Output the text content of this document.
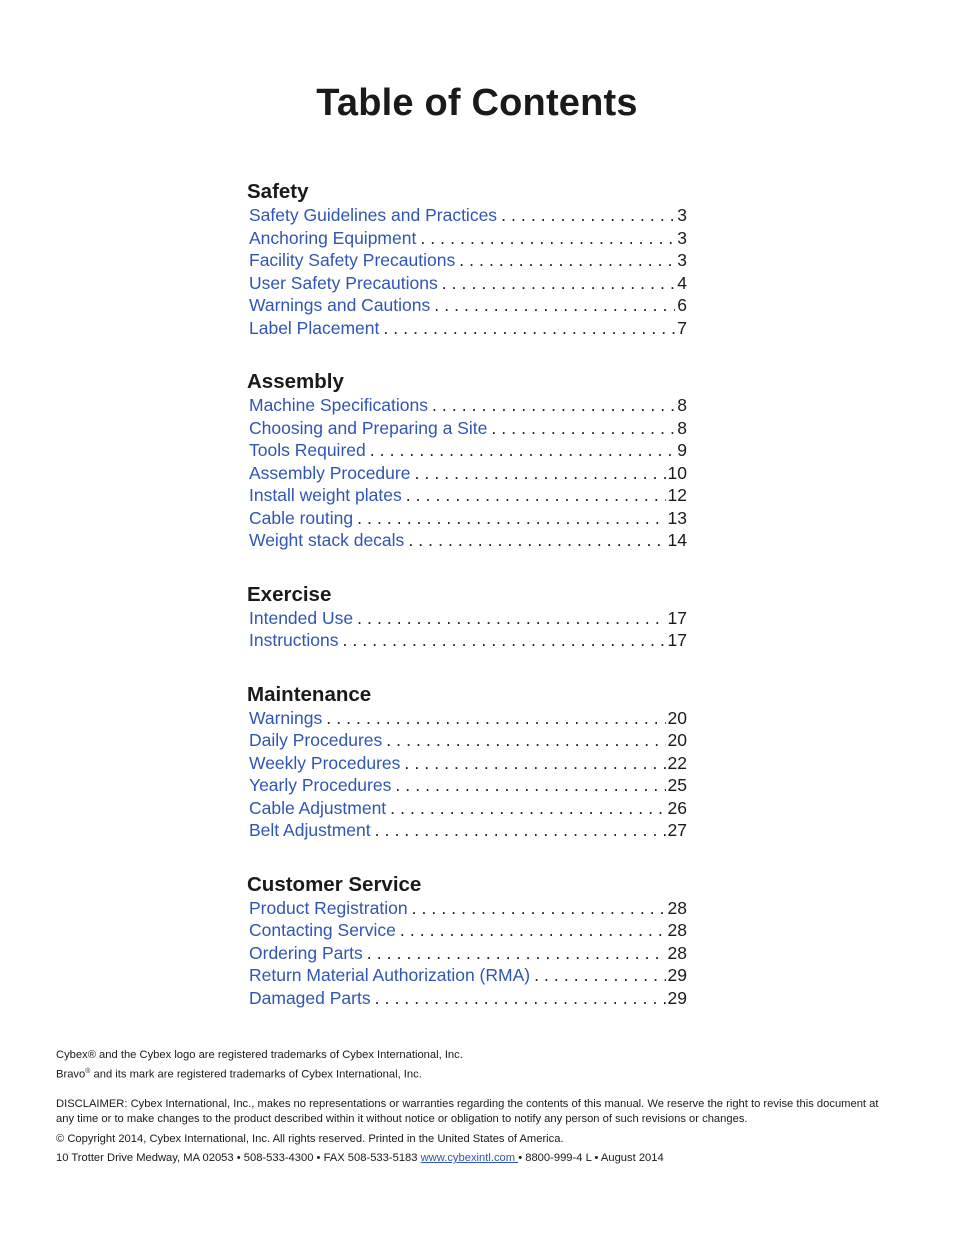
Table of Contents
Safety
Safety Guidelines and Practices . . .	3
Anchoring Equipment . . .	3
Facility Safety Precautions . . .	3
User Safety Precautions . . .	4
Warnings and Cautions . . .	6
Label Placement . . .	7
Assembly
Machine Specifications . . .	8
Choosing and Preparing a Site . . .	8
Tools Required . . .	9
Assembly Procedure . . .	10
Install weight plates . . .	12
Cable routing . . .	13
Weight stack decals . . .	14
Exercise
Intended Use . . .	17
Instructions . . .	17
Maintenance
Warnings . . .	20
Daily Procedures . . .	20
Weekly Procedures . . .	22
Yearly Procedures . . .	25
Cable Adjustment . . .	26
Belt Adjustment . . .	27
Customer Service
Product Registration . . .	28
Contacting Service . . .	28
Ordering Parts . . .	28
Return Material Authorization (RMA) . . .	29
Damaged Parts . . .	29

Cybex® and the Cybex logo are registered trademarks of Cybex International, Inc.

Bravo® and its mark are registered trademarks of Cybex International, Inc.

DISCLAIMER: Cybex International, Inc., makes no representations or warranties regarding the contents of this manual. We reserve the right to revise this document at any time or to make changes to the product described within it without notice or obligation to notify any person of such revisions or changes.

© Copyright 2014, Cybex International, Inc. All rights reserved. Printed in the United States of America.

10 Trotter Drive Medway, MA 02053 • 508-533-4300 • FAX 508-533-5183 www.cybexintl.com • 8800-999-4 L • August 2014
